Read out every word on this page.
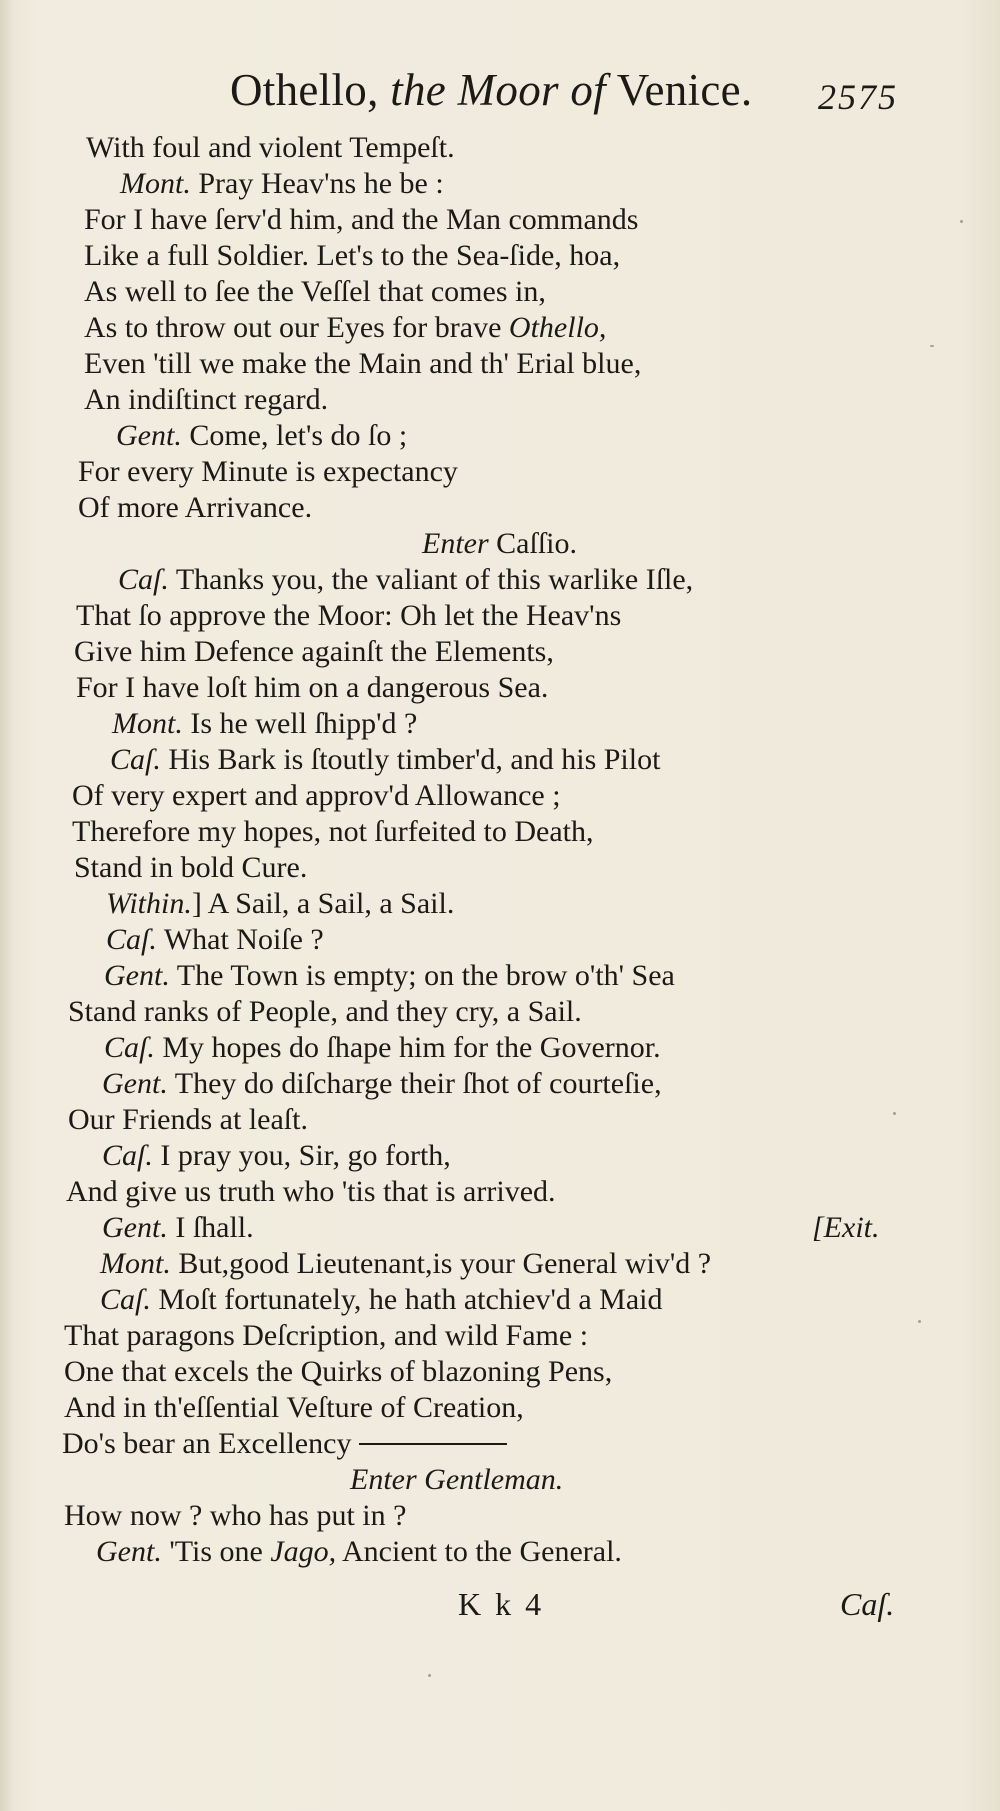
Othello, the Moor of Venice. 2575
With foul and violent Tempeſt.
Mont. Pray Heav'ns he be :
For I have ſerv'd him, and the Man commands
Like a full Soldier. Let's to the Sea-ſide, hoa,
As well to ſee the Veſſel that comes in,
As to throw out our Eyes for brave Othello,
Even 'till we make the Main and th' Erial blue,
An indiſtinct regard.
Gent. Come, let's do ſo ;
For every Minute is expectancy
Of more Arrivance.
Enter Caſſio.
Caſ. Thanks you, the valiant of this warlike Iſle,
That ſo approve the Moor: Oh let the Heav'ns
Give him Defence againſt the Elements,
For I have loſt him on a dangerous Sea.
Mont. Is he well ſhipp'd ?
Caſ. His Bark is ſtoutly timber'd, and his Pilot
Of very expert and approv'd Allowance ;
Therefore my hopes, not ſurfeited to Death,
Stand in bold Cure.
Within.] A Sail, a Sail, a Sail.
Caſ. What Noiſe ?
Gent. The Town is empty; on the brow o'th' Sea
Stand ranks of People, and they cry, a Sail.
Caſ. My hopes do ſhape him for the Governor.
Gent. They do diſcharge their ſhot of courteſie,
Our Friends at leaſt.
Caſ. I pray you, Sir, go forth,
And give us truth who 'tis that is arrived.
Gent. I ſhall.	[Exit.
Mont. But,good Lieutenant,is your General wiv'd ?
Caſ. Moſt fortunately, he hath atchiev'd a Maid
That paragons Deſcription, and wild Fame :
One that excels the Quirks of blazoning Pens,
And in th'eſſential Veſture of Creation,
Do's bear an Excellency
Enter Gentleman.
How now ? who has put in ?
Gent. 'Tis one Jago, Ancient to the General.
K k 4	Caſ.
